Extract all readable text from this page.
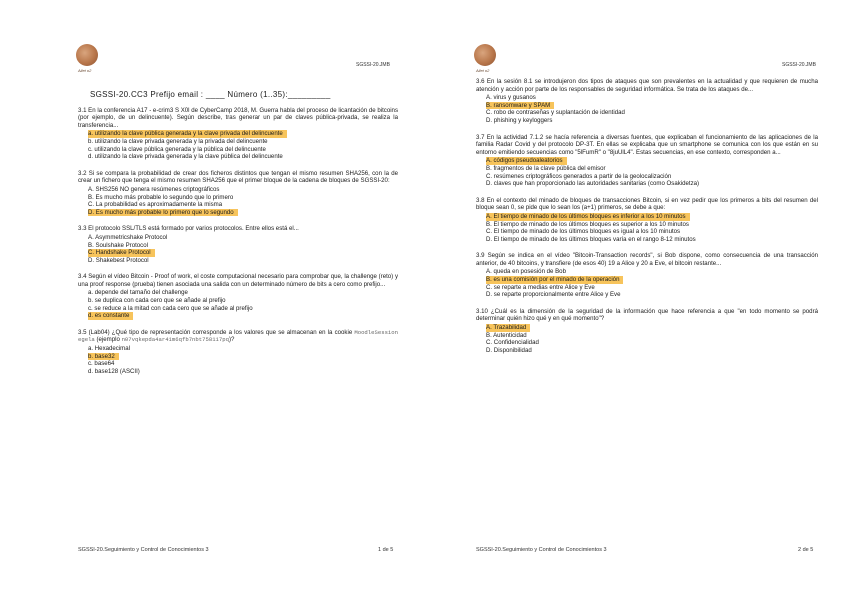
Allet o2
SGSSI-20.JMB
SGSSI-20.CC3 Prefijo email : ____ Número (1..35):_________
3.1 En la conferencia A17 - e-crim3 S X0l de CyberCamp 2018, M. Guerra habla del proceso de licantación de bitcoins (por ejemplo, de un delincuente). Según describe, tras generar un par de claves pública-privada, se realiza la transferencia...
a. utilizando la clave pública generada y la clave privada del delincuente
b. utilizando la clave privada generada y la privada del delincuente
c. utilizando la clave pública generada y la pública del delincuente
d. utilizando la clave privada generada y la clave pública del delincuente
3.2 Si se compara la probabilidad de crear dos ficheros distintos que tengan el mismo resumen SHA256, con la de crear un fichero que tenga el mismo resumen SHA256 que el primer bloque de la cadena de bloques de SGSSI-20:
A. SHS256 NO genera resúmenes criptográficos
B. Es mucho más probable lo segundo que lo primero
C. La probabilidad es aproximadamente la misma
D. Es mucho más probable lo primero que lo segundo
3.3 El protocolo SSL/TLS está formado por varios protocolos. Entre ellos está el...
A. Asymmetricshake Protocol
B. Soulshake Protocol
C. Handshake Protocol
D. Shakebest Protocol
3.4 Según el vídeo Bitcoin - Proof of work, el coste computacional necesario para comprobar que, la challenge (reto) y una proof response (prueba) tienen asociada una salida con un determinado número de bits a cero como prefijo...
a. depende del tamaño del challenge
b. se duplica con cada cero que se añade al prefijo
c. se reduce a la mitad con cada cero que se añade al prefijo
d. es constante
3.5 (Lab04) ¿Qué tipo de representación corresponde a los valores que se almacenan en la cookie MoodleSession egela (ejemplo n07vqkepda4ar41m6qfb7nbt758117pq)?
a. Hexadecimal
b. base32
c. base64
d. base128 (ASCII)
SGSSI-20.Seguimiento y Control de Conocimientos 3	1 de 5
Allet o2
SGSSI-20.JMB
3.6 En la sesión 8.1 se introdujeron dos tipos de ataques que son prevalentes en la actualidad y que requieren de mucha atención y acción por parte de los responsables de seguridad informática. Se trata de los ataques de...
A. virus y gusanos
B. ransomware y SPAM
C. robo de contraseñas y suplantación de identidad
D. phishing y keyloggers
3.7 En la actividad 7.1.2 se hacía referencia a diversas fuentes, que explicaban el funcionamiento de las aplicaciones de la familia Radar Covid y del protocolo DP-3T. En ellas se explicaba que un smartphone se comunica con los que están en su entorno emitiendo secuencias como "5lFumR" o "8juUlL4". Estas secuencias, en ese contexto, corresponden a...
A. códigos pseudoaleatorios
B. fragmentos de la clave pública del emisor
C. resúmenes criptográficos generados a partir de la geolocalización
D. claves que han proporcionado las autoridades sanitarias (como Osakidetza)
3.8 En el contexto del minado de bloques de transacciones Bitcoin, si en vez pedir que los primeros a bits del resumen del bloque sean 0, se pide que lo sean los (a+1) primeros, se debe a que:
A. El tiempo de minado de los últimos bloques es inferior a los 10 minutos
B. El tiempo de minado de los últimos bloques es superior a los 10 minutos
C. El tiempo de minado de los últimos bloques es igual a los 10 minutos
D. El tiempo de minado de los últimos bloques varía en el rango 8-12 minutos
3.9 Según se indica en el vídeo "Bitcoin-Transaction records", si Bob dispone, como consecuencia de una transacción anterior, de 40 bitcoins, y transfiere (de esos 40) 19 a Alice y 20 a Eve, el bitcoin restante...
A. queda en posesión de Bob
B. es una comisión por el minado de la operación
C. se reparte a medias entre Alice y Eve
D. se reparte proporcionalmente entre Alice y Eve
3.10 ¿Cuál es la dimensión de la seguridad de la información que hace referencia a que "en todo momento se podrá determinar quién hizo qué y en qué momento"?
A. Trazabilidad
B. Autenticidad
C. Confidencialidad
D. Disponibilidad
SGSSI-20.Seguimiento y Control de Conocimientos 3	2 de 5
